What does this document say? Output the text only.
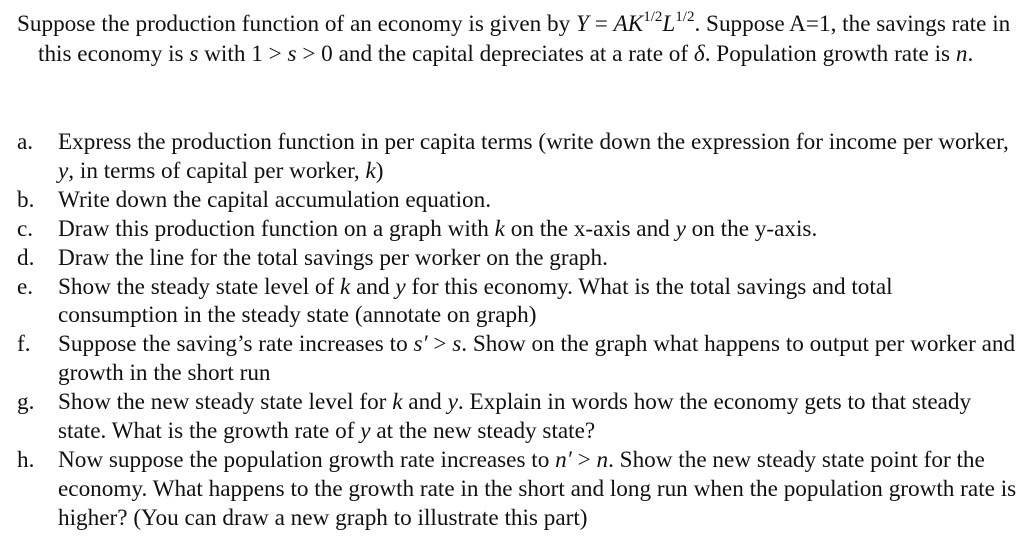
Suppose the production function of an economy is given by $Y = AK^{1/2}L^{1/2}$. Suppose A=1, the savings rate in this economy is s with 1 > s > 0 and the capital depreciates at a rate of δ. Population growth rate is n.
a.	Express the production function in per capita terms (write down the expression for income per worker, y, in terms of capital per worker, k)
b.	Write down the capital accumulation equation.
c.	Draw this production function on a graph with k on the x-axis and y on the y-axis.
d.	Draw the line for the total savings per worker on the graph.
e.	Show the steady state level of k and y for this economy. What is the total savings and total consumption in the steady state (annotate on graph)
f.	Suppose the saving’s rate increases to s′ > s. Show on the graph what happens to output per worker and growth in the short run
g.	Show the new steady state level for k and y. Explain in words how the economy gets to that steady state. What is the growth rate of y at the new steady state?
h.	Now suppose the population growth rate increases to n′ > n. Show the new steady state point for the economy. What happens to the growth rate in the short and long run when the population growth rate is higher? (You can draw a new graph to illustrate this part)
